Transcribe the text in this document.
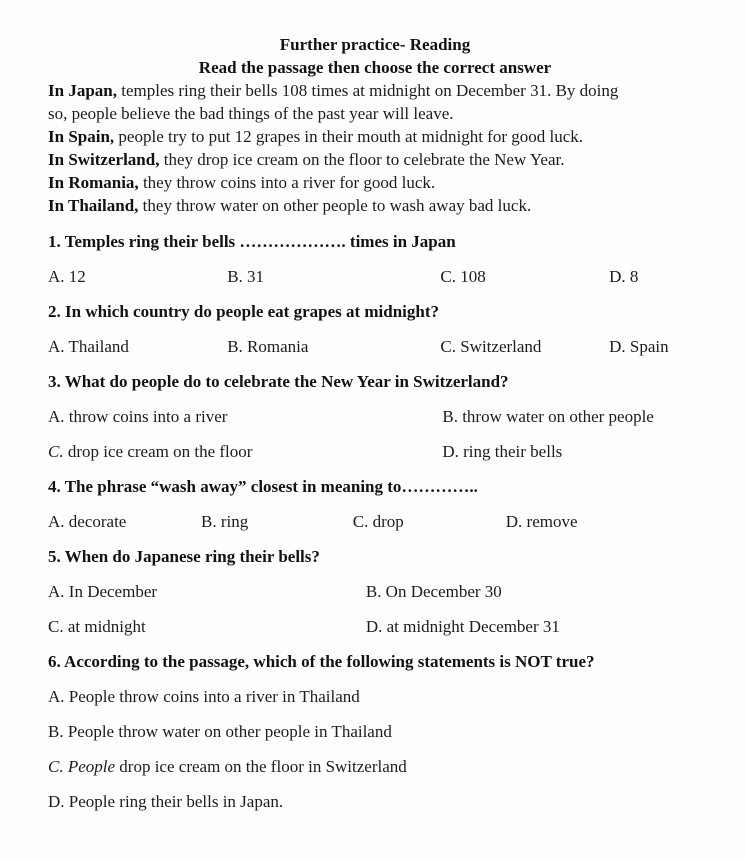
Further practice- Reading
Read the passage then choose the correct answer
In Japan, temples ring their bells 108 times at midnight on December 31. By doing
so, people believe the bad things of the past year will leave.
In Spain, people try to put 12 grapes in their mouth at midnight for good luck.
In Switzerland, they drop ice cream on the floor to celebrate the New Year.
In Romania, they throw coins into a river for good luck.
In Thailand, they throw water on other people to wash away bad luck.
1. Temples ring their bells ………………. times in Japan
A. 12	B. 31	C. 108	D. 8
2. In which country do people eat grapes at midnight?
A. Thailand	B. Romania	C. Switzerland	D. Spain
3. What do people do to celebrate the New Year in Switzerland?
A. throw coins into a river	B. throw water on other people
C. drop ice cream on the floor	D. ring their bells
4. The phrase “wash away” closest in meaning to…………..
A. decorate	B. ring	C. drop	D. remove
5. When do Japanese ring their bells?
A. In December	B. On December 30
C. at midnight	D. at midnight December 31
6. According to the passage, which of the following statements is NOT true?
A. People throw coins into a river in Thailand
B. People throw water on other people in Thailand
C. People drop ice cream on the floor in Switzerland
D. People ring their bells in Japan.
